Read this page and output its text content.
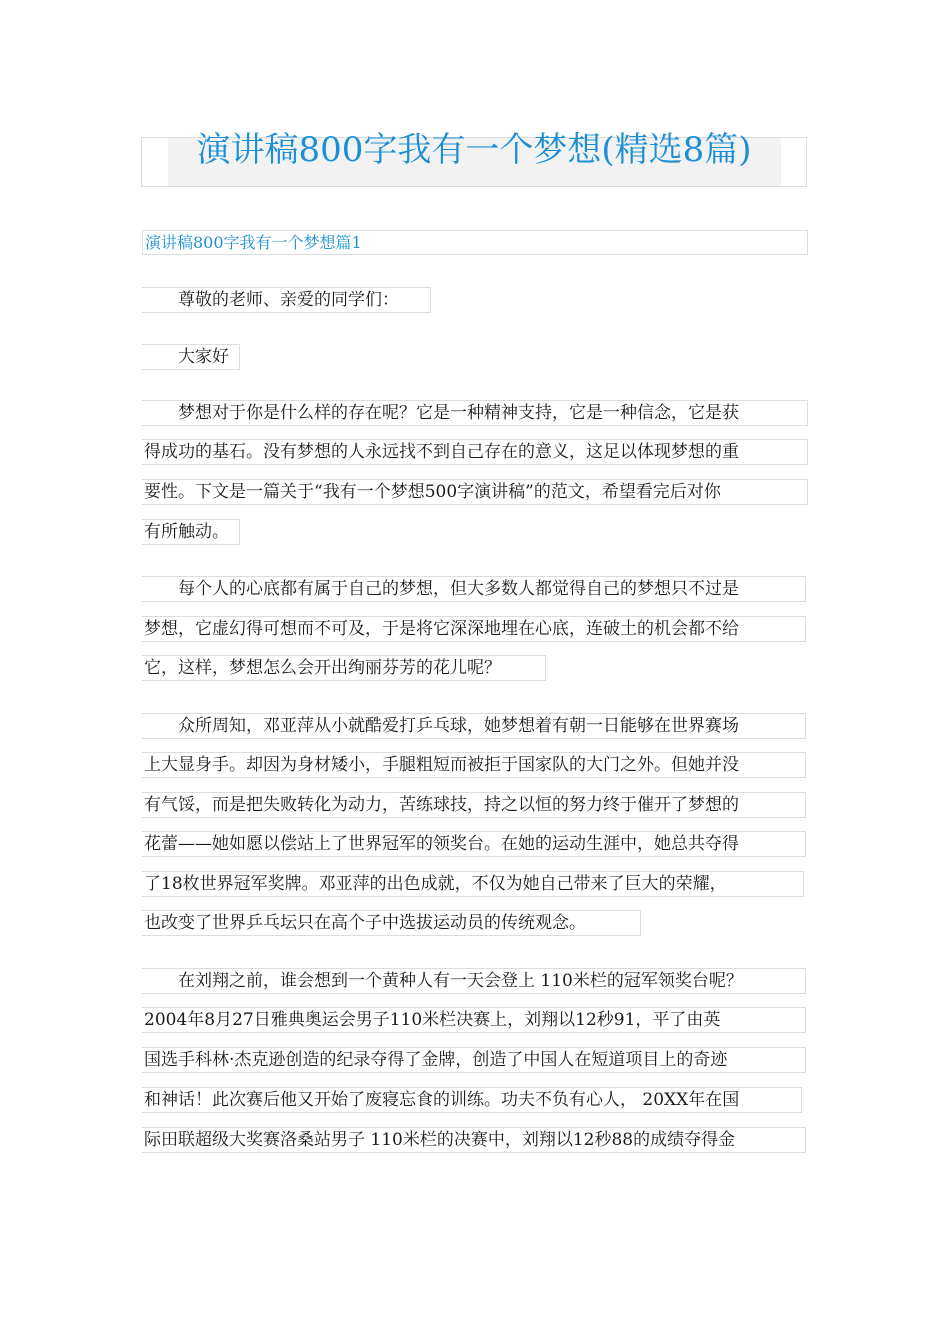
演讲稿800字我有一个梦想(精选8篇)
演讲稿800字我有一个梦想篇1
　　尊敬的老师、亲爱的同学们：
　　大家好
　　梦想对于你是什么样的存在呢？它是一种精神支持，它是一种信念，它是获
得成功的基石。没有梦想的人永远找不到自己存在的意义，这足以体现梦想的重
要性。下文是一篇关于“我有一个梦想500字演讲稿”的范文，希望看完后对你
有所触动。
　　每个人的心底都有属于自己的梦想，但大多数人都觉得自己的梦想只不过是
梦想，它虚幻得可想而不可及，于是将它深深地埋在心底，连破土的机会都不给
它，这样，梦想怎么会开出绚丽芬芳的花儿呢？
　　众所周知，邓亚萍从小就酷爱打乒乓球，她梦想着有朝一日能够在世界赛场
上大显身手。却因为身材矮小，手腿粗短而被拒于国家队的大门之外。但她并没
有气馁，而是把失败转化为动力，苦练球技，持之以恒的努力终于催开了梦想的
花蕾——她如愿以偿站上了世界冠军的领奖台。在她的运动生涯中，她总共夺得
了18枚世界冠军奖牌。邓亚萍的出色成就，不仅为她自己带来了巨大的荣耀，
也改变了世界乒乓坛只在高个子中选拔运动员的传统观念。
　　在刘翔之前，谁会想到一个黄种人有一天会登上 110米栏的冠军领奖台呢？
2004年8月27日雅典奥运会男子110米栏决赛上，刘翔以12秒91，平了由英
国选手科林·杰克逊创造的纪录夺得了金牌，创造了中国人在短道项目上的奇迹
和神话！此次赛后他又开始了废寝忘食的训练。功夫不负有心人， 20XX年在国
际田联超级大奖赛洛桑站男子 110米栏的决赛中，刘翔以12秒88的成绩夺得金
